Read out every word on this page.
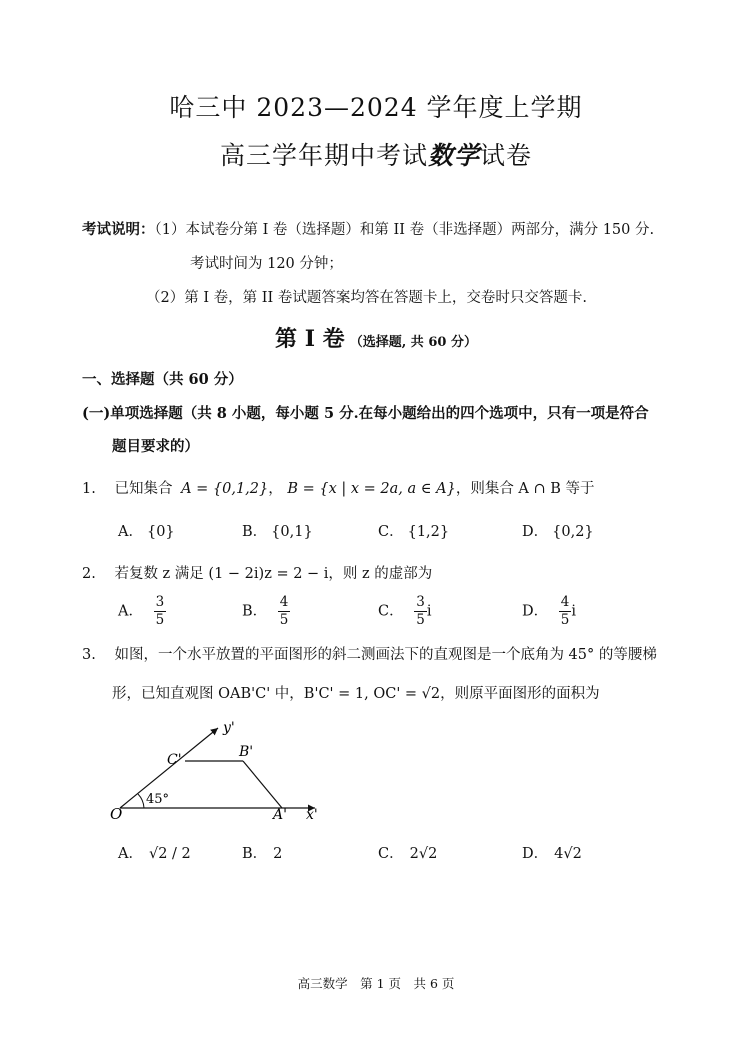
哈三中 2023—2024 学年度上学期
高三学年期中考试数学试卷
考试说明：（1）本试卷分第 I 卷（选择题）和第 II 卷（非选择题）两部分，满分 150 分.
考试时间为 120 分钟；
（2）第 I 卷，第 II 卷试题答案均答在答题卡上，交卷时只交答题卡.
第 I 卷 （选择题, 共 60 分）
一、选择题（共 60 分）
(一)单项选择题（共 8 小题，每小题 5 分.在每小题给出的四个选项中，只有一项是符合
题目要求的）
1. 已知集合 A = {0,1,2}， B = {x | x = 2a, a ∈ A}，则集合 A ∩ B 等于
A． {0}	B． {0,1}	C． {1,2}	D． {0,2}
2. 若复数 z 满足 (1 − 2i)z = 2 − i，则 z 的虚部为
A． $\frac{3}{5}$	B． $\frac{4}{5}$	C． $\frac{3}{5}$ i	D． $\frac{4}{5}$ i
3. 如图，一个水平放置的平面图形的斜二测画法下的直观图是一个底角为 45° 的等腰梯
形，已知直观图 OAB'C' 中，B'C' = 1, OC' = √2，则原平面图形的面积为
y'
C'	B'
45°
O	A' x'
A． √2 / 2	B． 2	C． 2√2	D． 4√2
高三数学　第 1 页　共 6 页
